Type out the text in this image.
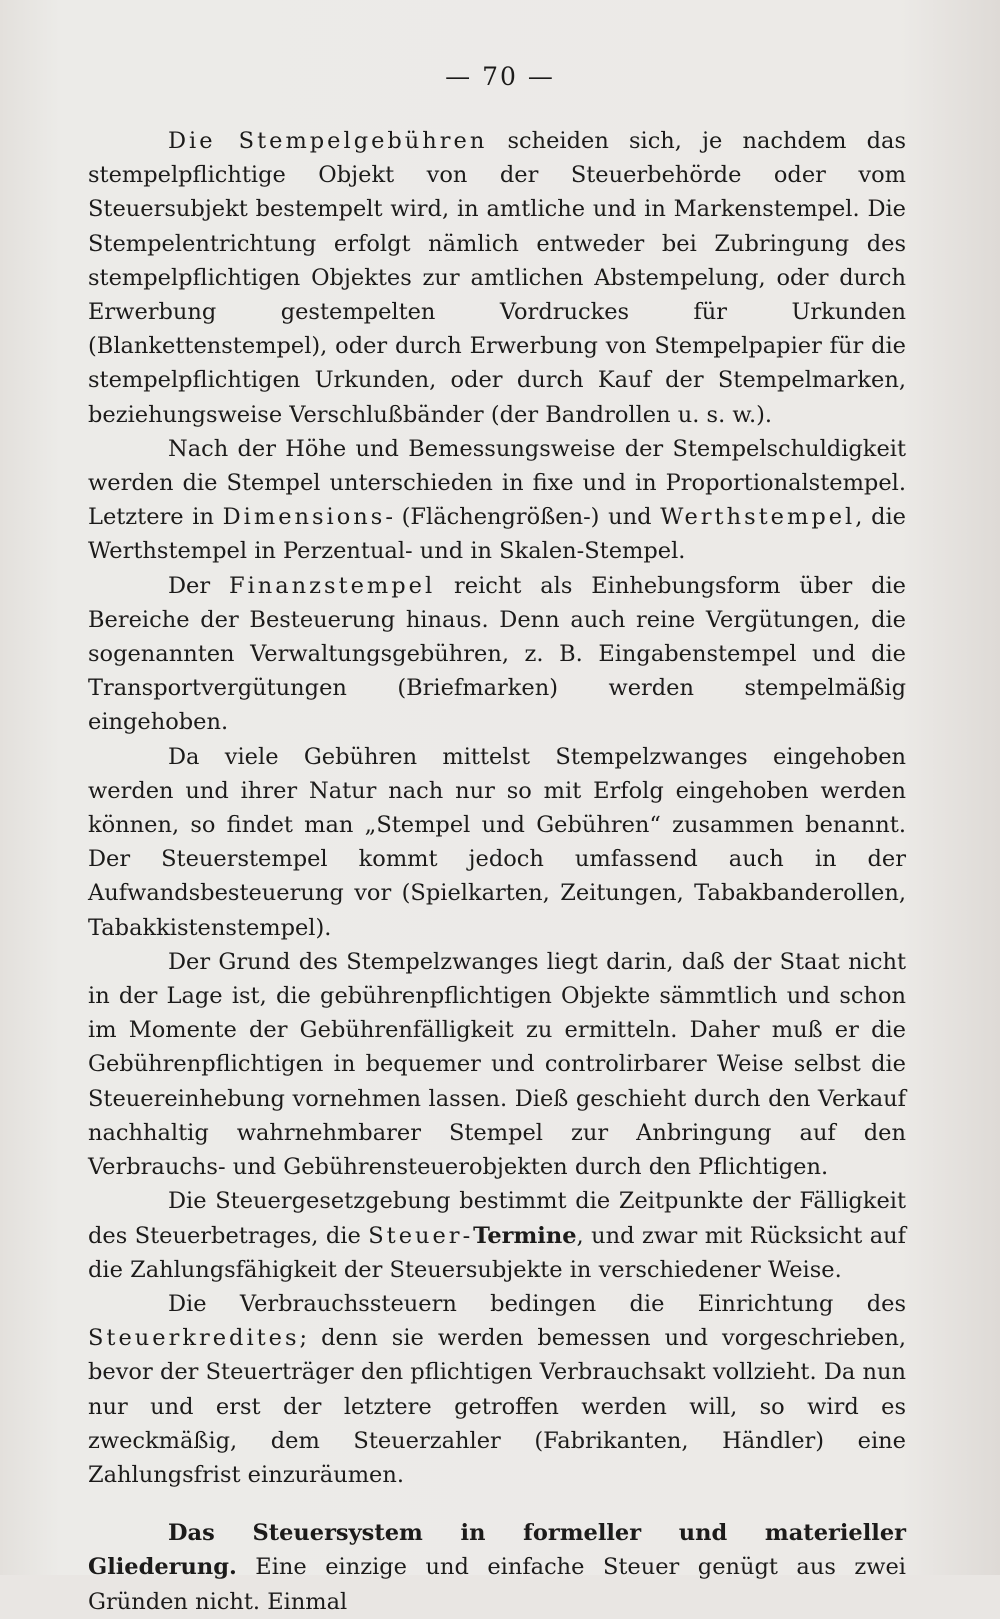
— 70 —

Die Stempelgebühren scheiden sich, je nachdem das stempelpflichtige Objekt von der Steuerbehörde oder vom Steuersubjekt bestempelt wird, in amtliche und in Markenstempel. Die Stempelentrichtung erfolgt nämlich entweder bei Zubringung des stempelpflichtigen Objektes zur amtlichen Abstempelung, oder durch Erwerbung gestempelten Vordruckes für Urkunden (Blankettenstempel), oder durch Erwerbung von Stempelpapier für die stempelpflichtigen Urkunden, oder durch Kauf der Stempelmarken, beziehungsweise Verschlußbänder (der Bandrollen u. s. w.).

Nach der Höhe und Bemessungsweise der Stempelschuldigkeit werden die Stempel unterschieden in fixe und in Proportionalstempel. Letztere in Dimensions- (Flächengrößen-) und Werthstempel, die Werthstempel in Perzentual- und in Skalen-Stempel.

Der Finanzstempel reicht als Einhebungsform über die Bereiche der Besteuerung hinaus. Denn auch reine Vergütungen, die sogenannten Verwaltungsgebühren, z. B. Eingabenstempel und die Transportvergütungen (Briefmarken) werden stempelmäßig eingehoben.

Da viele Gebühren mittelst Stempelzwanges eingehoben werden und ihrer Natur nach nur so mit Erfolg eingehoben werden können, so findet man „Stempel und Gebühren“ zusammen benannt. Der Steuerstempel kommt jedoch umfassend auch in der Aufwandsbesteuerung vor (Spielkarten, Zeitungen, Tabakbanderollen, Tabakkistenstempel).

Der Grund des Stempelzwanges liegt darin, daß der Staat nicht in der Lage ist, die gebührenpflichtigen Objekte sämmtlich und schon im Momente der Gebührenfälligkeit zu ermitteln. Daher muß er die Gebührenpflichtigen in bequemer und controlirbarer Weise selbst die Steuereinhebung vornehmen lassen. Dieß geschieht durch den Verkauf nachhaltig wahrnehmbarer Stempel zur Anbringung auf den Verbrauchs- und Gebührensteuerobjekten durch den Pflichtigen.

Die Steuergesetzgebung bestimmt die Zeitpunkte der Fälligkeit des Steuerbetrages, die Steuer-Termine, und zwar mit Rücksicht auf die Zahlungsfähigkeit der Steuersubjekte in verschiedener Weise.

Die Verbrauchssteuern bedingen die Einrichtung des Steuerkredites; denn sie werden bemessen und vorgeschrieben, bevor der Steuerträger den pflichtigen Verbrauchsakt vollzieht. Da nun nur und erst der letztere getroffen werden will, so wird es zweckmäßig, dem Steuerzahler (Fabrikanten, Händler) eine Zahlungsfrist einzuräumen.

Das Steuersystem in formeller und materieller Gliederung. Eine einzige und einfache Steuer genügt aus zwei Gründen nicht. Einmal
